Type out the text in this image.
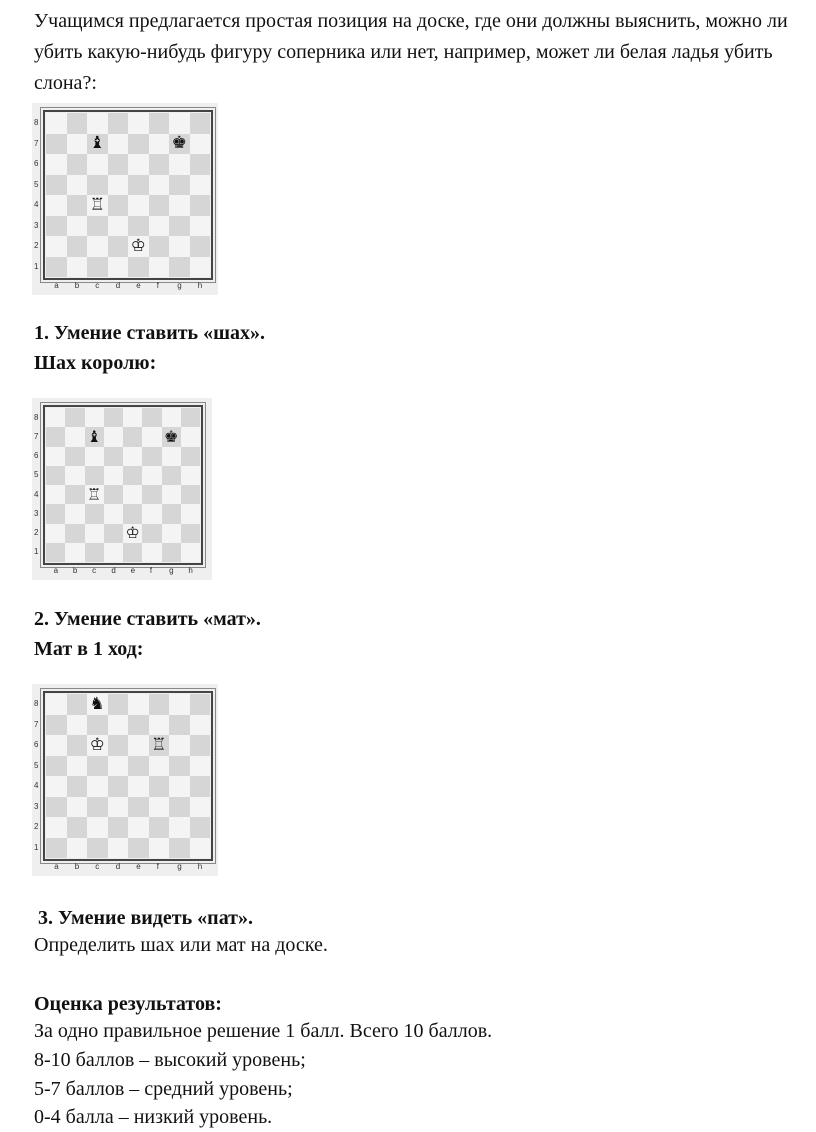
Учащимся предлагается простая позиция на доске, где они должны выяснить, можно ли убить какую-нибудь фигуру соперника или нет, например, может ли белая ладья убить слона?:

♝	♚
♖
♔
8
7
6
5
4
3
2
1
a b c d e f g h

1. Умение ставить «шах».

Шах королю:

♝	♚
♖
♔
8
7
6
5
4
3
2
1
a b c d e f g h

2. Умение ставить «мат».

Мат в 1 ход:

♞
♔	♖
8
7
6
5
4
3
2
1
a b c d e f g h

3. Умение видеть «пат».

Определить шах или мат на доске.

Оценка результатов:

За одно правильное решение 1 балл. Всего 10 баллов.

8-10 баллов – высокий уровень;

5-7 баллов – средний уровень;

0-4 балла – низкий уровень.
